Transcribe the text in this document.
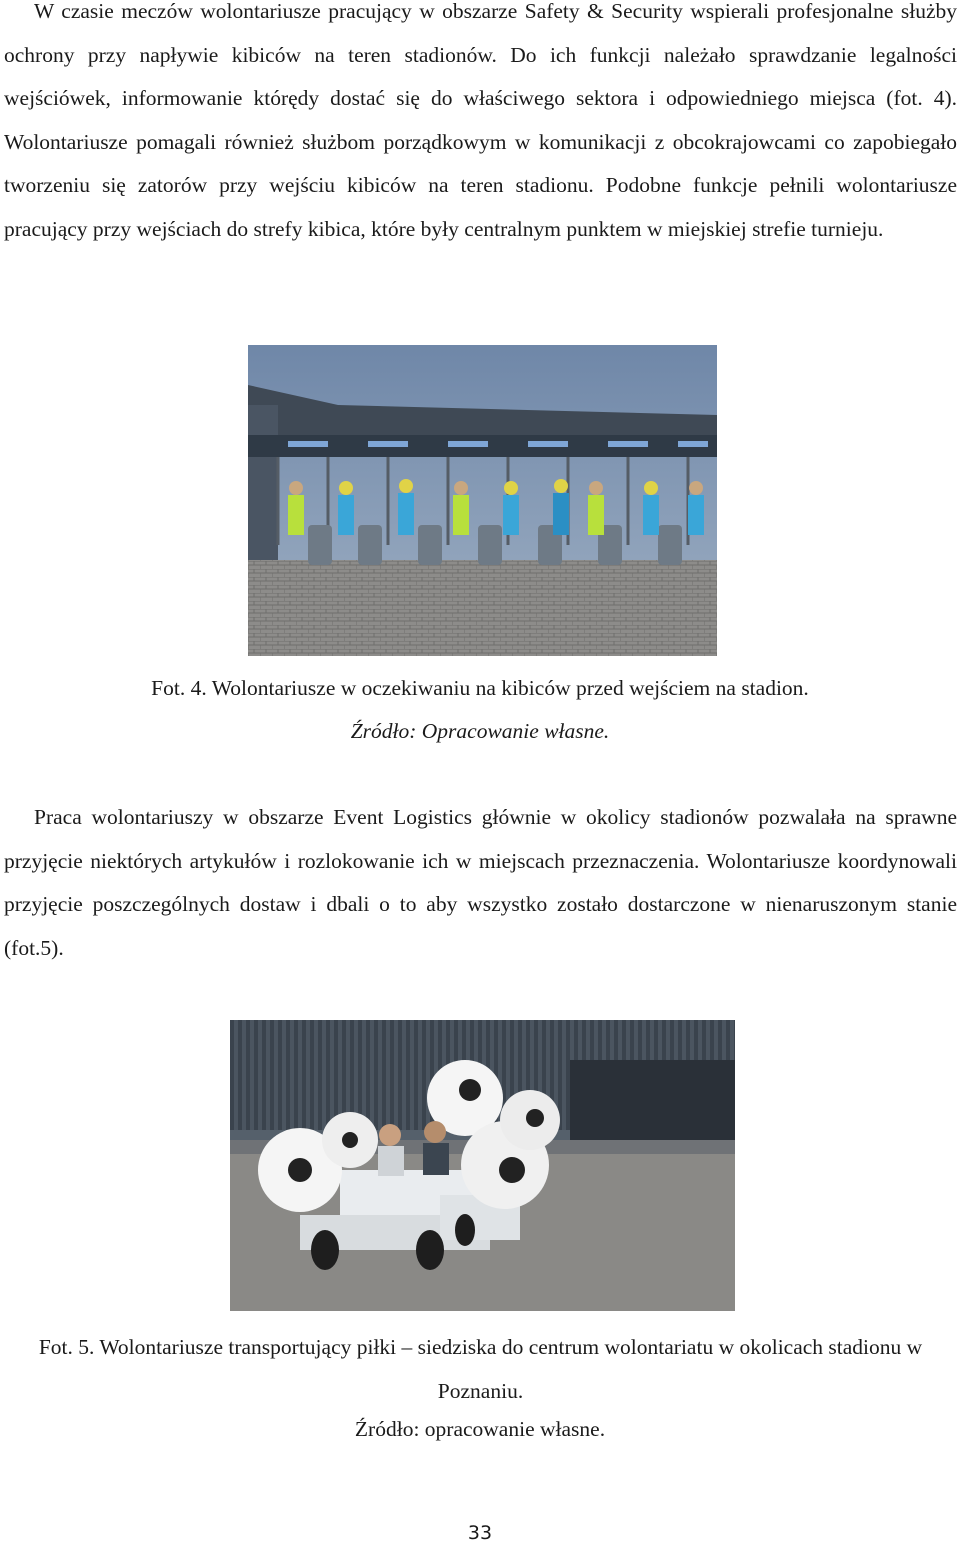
W czasie meczów wolontariusze pracujący w obszarze Safety & Security wspierali profesjonalne służby ochrony przy napływie kibiców na teren stadionów. Do ich funkcji należało sprawdzanie legalności wejściówek, informowanie którędy dostać się do właściwego sektora i odpowiedniego miejsca (fot. 4). Wolontariusze pomagali również służbom porządkowym w komunikacji z obcokrajowcami co zapobiegało tworzeniu się zatorów przy wejściu kibiców na teren stadionu. Podobne funkcje pełnili wolontariusze pracujący przy wejściach do strefy kibica, które były centralnym punktem w miejskiej strefie turnieju.

Fot. 4. Wolontariusze w oczekiwaniu na kibiców przed wejściem na stadion.

Źródło: Opracowanie własne.

Praca wolontariuszy w obszarze Event Logistics głównie w okolicy stadionów pozwalała na sprawne przyjęcie niektórych artykułów i rozlokowanie ich w miejscach przeznaczenia. Wolontariusze koordynowali przyjęcie poszczególnych dostaw i dbali o to aby wszystko zostało dostarczone w nienaruszonym stanie (fot.5).

Fot. 5. Wolontariusze transportujący piłki – siedziska do centrum wolontariatu w okolicach stadionu w Poznaniu.

Źródło: opracowanie własne.

33
